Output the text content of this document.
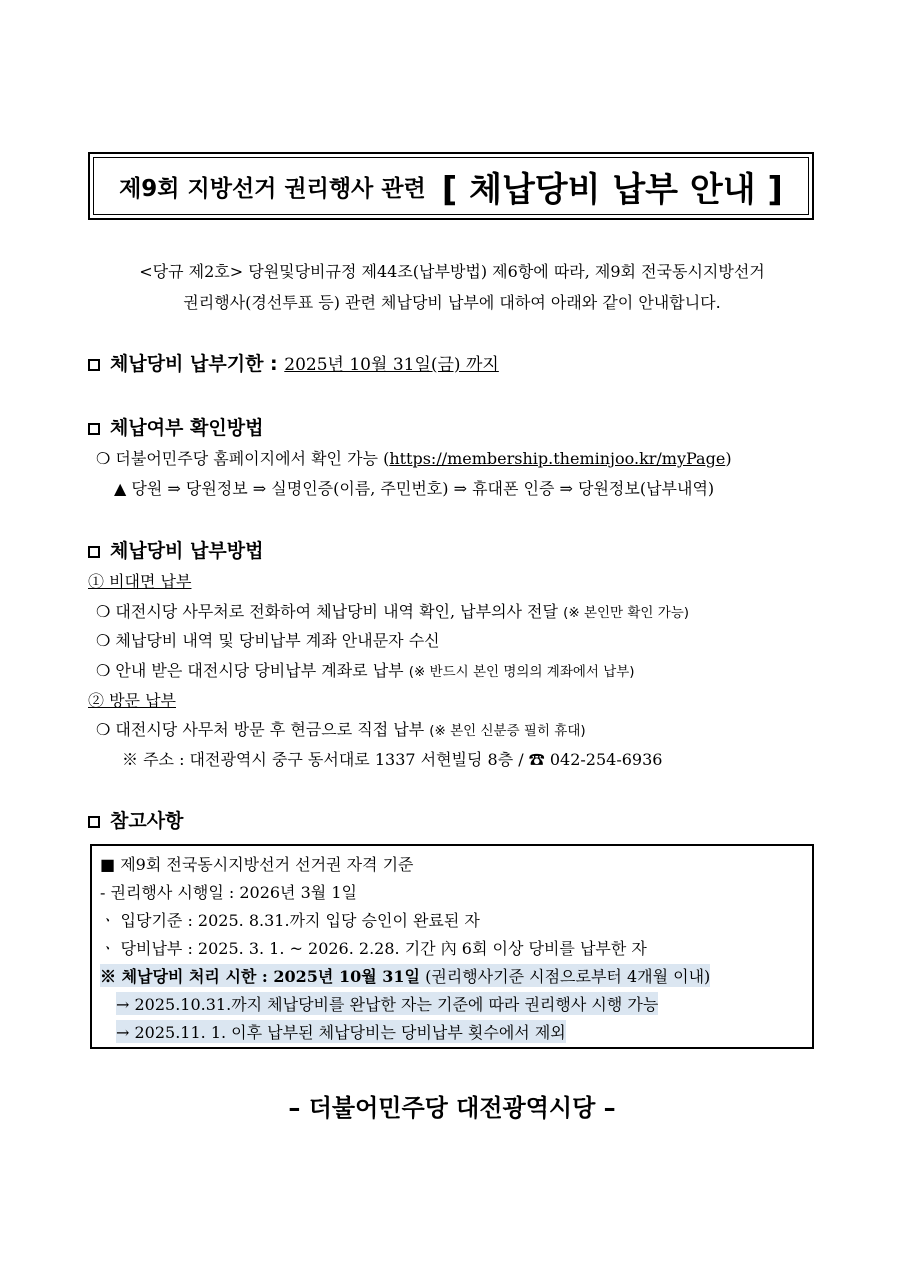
제9회 지방선거 권리행사 관련 [ 체납당비 납부 안내 ]
<당규 제2호> 당원및당비규정 제44조(납부방법) 제6항에 따라, 제9회 전국동시지방선거
권리행사(경선투표 등) 관련 체납당비 납부에 대하여 아래와 같이 안내합니다.
체납당비 납부기한 : 2025년 10월 31일(금) 까지
체납여부 확인방법
❍ 더불어민주당 홈페이지에서 확인 가능 (https://membership.theminjoo.kr/myPage)
▲ 당원 ⇒ 당원정보 ⇒ 실명인증(이름, 주민번호) ⇒ 휴대폰 인증 ⇒ 당원정보(납부내역)
체납당비 납부방법
① 비대면 납부
❍ 대전시당 사무처로 전화하여 체납당비 내역 확인, 납부의사 전달 (※ 본인만 확인 가능)
❍ 체납당비 내역 및 당비납부 계좌 안내문자 수신
❍ 안내 받은 대전시당 당비납부 계좌로 납부 (※ 반드시 본인 명의의 계좌에서 납부)
② 방문 납부
❍ 대전시당 사무처 방문 후 현금으로 직접 납부 (※ 본인 신분증 필히 휴대)
※ 주소 : 대전광역시 중구 동서대로 1337 서현빌딩 8층 / ☎ 042-254-6936
참고사항
■ 제9회 전국동시지방선거 선거권 자격 기준
- 권리행사 시행일 : 2026년 3월 1일
ㆍ 입당기준 : 2025. 8.31.까지 입당 승인이 완료된 자
ㆍ 당비납부 : 2025. 3. 1. ~ 2026. 2.28. 기간 內 6회 이상 당비를 납부한 자
※ 체납당비 처리 시한 : 2025년 10월 31일 (권리행사기준 시점으로부터 4개월 이내)
→ 2025.10.31.까지 체납당비를 완납한 자는 기준에 따라 권리행사 시행 가능
→ 2025.11. 1. 이후 납부된 체납당비는 당비납부 횟수에서 제외
– 더불어민주당 대전광역시당 –
